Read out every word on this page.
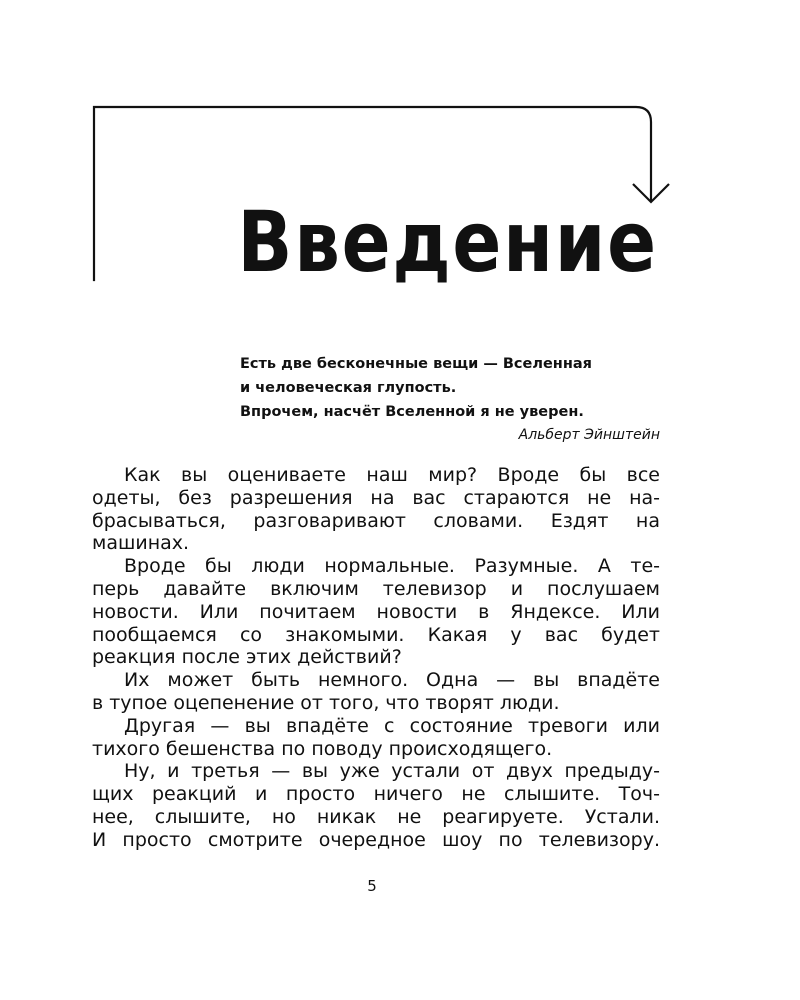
Введение
Есть две бесконечные вещи — Вселенная
и человеческая глупость.
Впрочем, насчёт Вселенной я не уверен.
Альберт Эйнштейн
Как вы оцениваете наш мир? Вроде бы все
одеты, без разрешения на вас стараются не на-
брасываться, разговаривают словами. Ездят на
машинах.
Вроде бы люди нормальные. Разумные. А те-
перь давайте включим телевизор и послушаем
новости. Или почитаем новости в Яндексе. Или
пообщаемся со знакомыми. Какая у вас будет
реакция после этих действий?
Их может быть немного. Одна — вы впадёте
в тупое оцепенение от того, что творят люди.
Другая — вы впадёте с состояние тревоги или
тихого бешенства по поводу происходящего.
Ну, и третья — вы уже устали от двух предыду-
щих реакций и просто ничего не слышите. Точ-
нее, слышите, но никак не реагируете. Устали.
И просто смотрите очередное шоу по телевизору.
5
